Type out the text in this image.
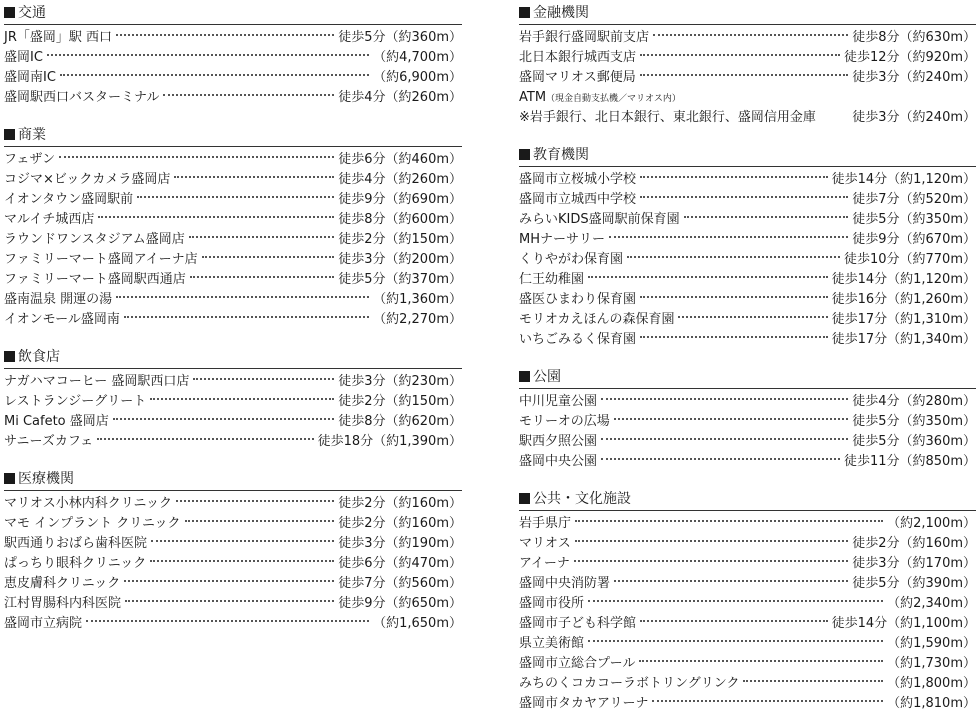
交通
JR「盛岡」駅 西口	徒歩5分（約360m）
盛岡IC	（約4,700m）
盛岡南IC	（約6,900m）
盛岡駅西口バスターミナル	徒歩4分（約260m）
商業
フェザン	徒歩6分（約460m）
コジマ×ビックカメラ盛岡店	徒歩4分（約260m）
イオンタウン盛岡駅前	徒歩9分（約690m）
マルイチ城西店	徒歩8分（約600m）
ラウンドワンスタジアム盛岡店	徒歩2分（約150m）
ファミリーマート盛岡アイーナ店	徒歩3分（約200m）
ファミリーマート盛岡駅西通店	徒歩5分（約370m）
盛南温泉 開運の湯	（約1,360m）
イオンモール盛岡南	（約2,270m）
飲食店
ナガハマコーヒー 盛岡駅西口店	徒歩3分（約230m）
レストランジーグリート	徒歩2分（約150m）
Mi Cafeto 盛岡店	徒歩8分（約620m）
サニーズカフェ	徒歩18分（約1,390m）
医療機関
マリオス小林内科クリニック	徒歩2分（約160m）
マモ インプラント クリニック	徒歩2分（約160m）
駅西通りおばら歯科医院	徒歩3分（約190m）
ぱっちり眼科クリニック	徒歩6分（約470m）
恵皮膚科クリニック	徒歩7分（約560m）
江村胃腸科内科医院	徒歩9分（約650m）
盛岡市立病院	（約1,650m）
金融機関
岩手銀行盛岡駅前支店	徒歩8分（約630m）
北日本銀行城西支店	徒歩12分（約920m）
盛岡マリオス郵便局	徒歩3分（約240m）
ATM （現金自動支払機／マリオス内）
※岩手銀行、北日本銀行、東北銀行、盛岡信用金庫	徒歩3分（約240m）
教育機関
盛岡市立桜城小学校	徒歩14分（約1,120m）
盛岡市立城西中学校	徒歩7分（約520m）
みらいKIDS盛岡駅前保育園	徒歩5分（約350m）
MHナーサリー	徒歩9分（約670m）
くりやがわ保育園	徒歩10分（約770m）
仁王幼稚園	徒歩14分（約1,120m）
盛医ひまわり保育園	徒歩16分（約1,260m）
モリオカえほんの森保育園	徒歩17分（約1,310m）
いちごみるく保育園	徒歩17分（約1,340m）
公園
中川児童公園	徒歩4分（約280m）
モリーオの広場	徒歩5分（約350m）
駅西夕照公園	徒歩5分（約360m）
盛岡中央公園	徒歩11分（約850m）
公共・文化施設
岩手県庁	（約2,100m）
マリオス	徒歩2分（約160m）
アイーナ	徒歩3分（約170m）
盛岡中央消防署	徒歩5分（約390m）
盛岡市役所	（約2,340m）
盛岡市子ども科学館	徒歩14分（約1,100m）
県立美術館	（約1,590m）
盛岡市立総合プール	（約1,730m）
みちのくコカコーラボトリングリンク	（約1,800m）
盛岡市タカヤアリーナ	（約1,810m）
